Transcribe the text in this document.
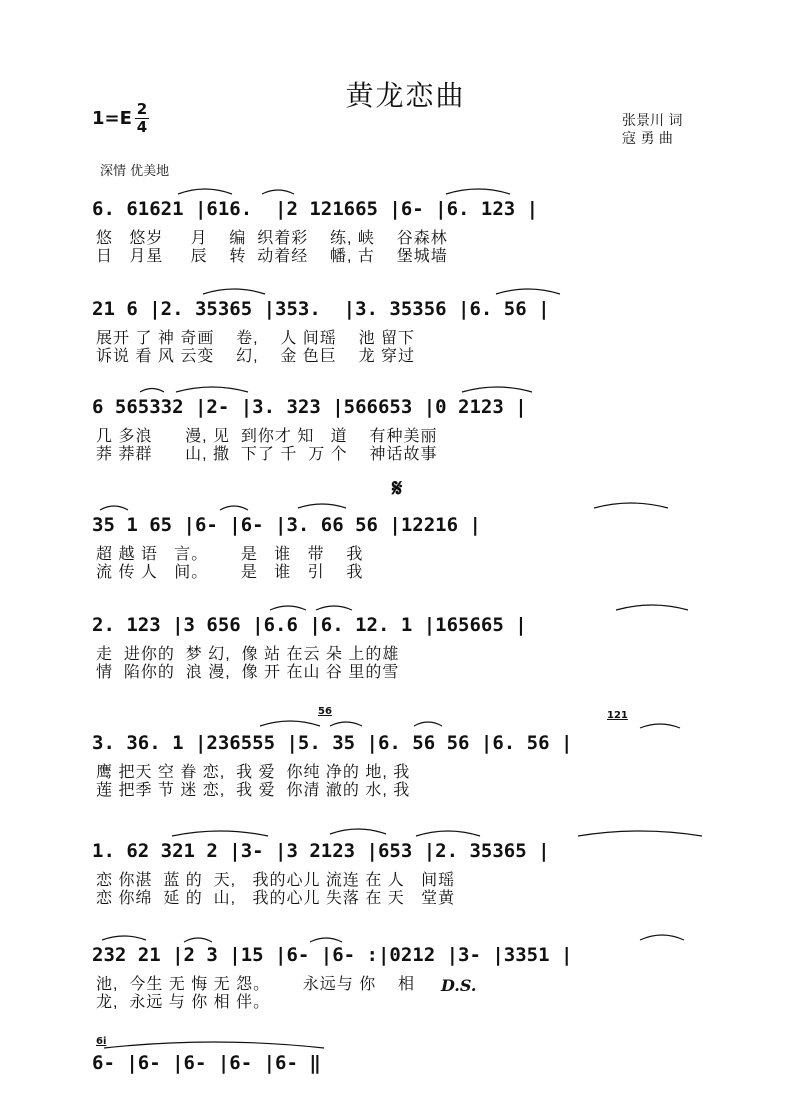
黄龙恋曲
1=E 2
4	张景川 词
寇 勇 曲
深情 优美地
𝄋
D.S.
56	121
6i
6. 61621 |616.  |2 121665 |6- |6. 123 |
悠   悠岁     月    编  织着彩    练, 峡    谷森林
日   月星     辰    转  动着经    幡, 古    堡城墙
21 6 |2. 35365 |353.  |3. 35356 |6. 56 |
展开 了 神 奇画    卷,    人 间瑶    池 留下
诉说 看 风 云变    幻,    金 色巨    龙 穿过
6 565332 |2- |3. 323 |566653 |0 2123 |
几 多浪      漫, 见  到你才 知   道    有种美丽
莽 莽群      山, 撒  下了 千  万 个    神话故事
35 1 65 |6- |6- |3. 66 56 |12216 |
超 越 语   言。      是   谁   带    我
流 传 人   间。      是   谁   引    我
2. 123 |3 656 |6.6 |6. 12. 1 |165665 |
走  进你的  梦 幻,  像 站 在云 朵 上的雄
情  陷你的  浪 漫,  像 开 在山 谷 里的雪
3. 36. 1 |236555 |5. 35 |6. 56 56 |6. 56 |
鹰 把天 空 眷 恋,  我 爱  你纯 净的 地, 我
莲 把季 节 迷 恋,  我 爱  你清 澈的 水, 我
1. 62 321 2 |3- |3 2123 |653 |2. 35365 |
恋 你湛  蓝 的  天,   我的心儿 流连 在 人   间瑶
恋 你绵  延 的  山,   我的心儿 失落 在 天   堂黄
232 21 |2 3 |15 |6- |6- :|0212 |3- |3351 |
池,  今生 无 悔 无 怨。      永远与 你    相
龙,  永远 与 你 相 伴。
6- |6- |6- |6- |6- ‖
